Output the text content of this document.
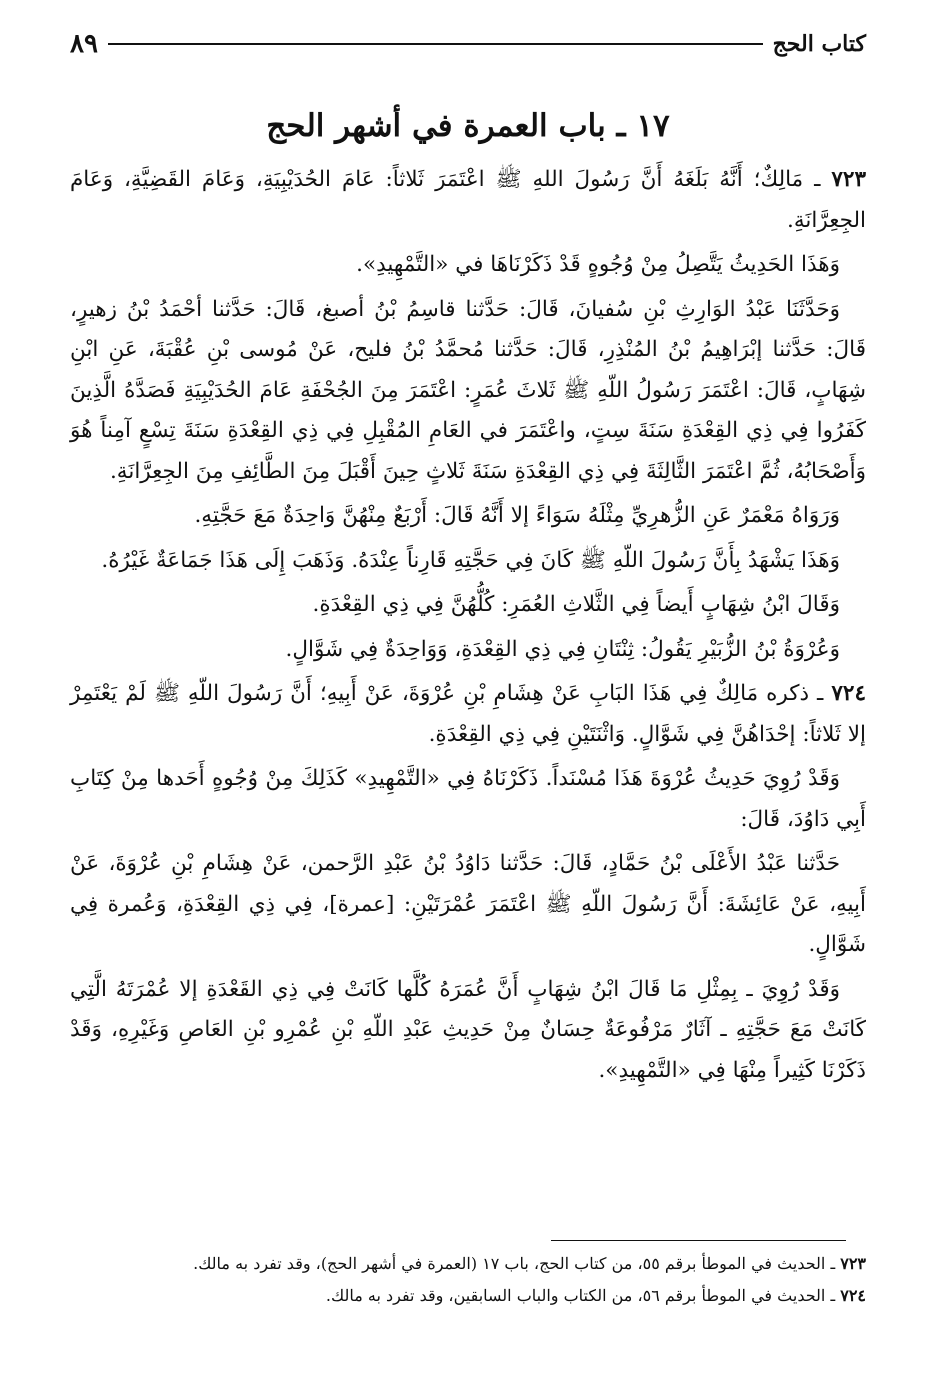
كتاب الحج
٨٩
١٧ ـ باب العمرة في أشهر الحج

٧٢٣ ـ مَالِكٌ؛ أَنَّهُ بَلَغَهُ أَنَّ رَسُولَ اللهِ ﷺ اعْتَمَرَ ثَلاثاً: عَامَ الحُدَيْبِيَةِ، وَعَامَ القَضِيَّةِ، وَعَامَ الجِعِرَّانَةِ.

وَهَذَا الحَدِيثُ يَتَّصِلُ مِنْ وُجُوهٍ قَدْ ذَكَرْنَاهَا في «التَّمْهِيدِ».

وَحَدَّثَنَا عَبْدُ الوَارِثِ بْنِ سُفيانَ، قَالَ: حَدَّثنا قاسِمُ بْنُ أصبغ، قَالَ: حَدَّثنا أحْمَدُ بْنُ زهيرٍ، قَالَ: حَدَّثنا إبْرَاهِيمُ بْنُ المُنْذِرِ، قَالَ: حَدَّثنا مُحمَّدُ بْنُ فليح، عَنْ مُوسى بْنِ عُقْبَةَ، عَنِ ابْنِ شِهَابٍ، قَالَ: اعْتَمَرَ رَسُولُ اللّهِ ﷺ ثَلاثَ عُمَرٍ: اعْتَمَرَ مِنَ الجُحْفَةِ عَامَ الحُدَيْبِيَةِ فَصَدَّهُ الَّذِينَ كَفَرُوا فِي ذِي القِعْدَةِ سَنَةَ سِتٍ، واعْتَمَرَ في العَامِ المُقْبِلِ فِي ذِي القِعْدَةِ سَنَةَ تِسْعٍ آمِناً هُوَ وَأَصْحَابُهُ، ثُمَّ اعْتَمَرَ الثَّالِثَةَ فِي ذِي القِعْدَةِ سَنَةَ ثَلاثٍ حِينَ أَقْبَلَ مِنَ الطَّائِفِ مِنَ الجِعِرَّانَةِ.

وَرَوَاهُ مَعْمَرٌ عَنِ الزُّهرِيِّ مِثْلَهُ سَوَاءً إلا أَنَّهُ قَالَ: أَرْبَعٌ مِنْهُنَّ وَاحِدَةٌ مَعَ حَجَّتِهِ.

وَهَذَا يَشْهَدُ بِأَنَّ رَسُولَ اللّهِ ﷺ كَانَ فِي حَجَّتِهِ قَارِناً عِنْدَهُ. وَذَهَبَ إِلَى هَذَا جَمَاعَةٌ غَيْرُهُ.

وَقَالَ ابْنُ شِهَابٍ أَيضاً فِي الثَّلاثِ العُمَرِ: كُلُّهُنَّ فِي ذِي القِعْدَةِ.

وَعُرْوَةُ بْنُ الزُّبَيْرِ يَقُولُ: ثِنْتَانِ فِي ذِي القِعْدَةِ، وَوَاحِدَةٌ فِي شَوَّالٍ.

٧٢٤ ـ ذكره مَالِكٌ فِي هَذَا البَابِ عَنْ هِشَامِ بْنِ عُرْوَةَ، عَنْ أَبِيهِ؛ أَنَّ رَسُولَ اللّهِ ﷺ لَمْ يَعْتَمِرْ إلا ثَلاثاً: إحْدَاهُنَّ فِي شَوَّالٍ. وَاثْنَتَيْنِ فِي ذِي القِعْدَةِ.

وَقَدْ رُوِيَ حَدِيثُ عُرْوَةَ هَذَا مُسْنَداً. ذَكَرْنَاهُ فِي «التَّمْهِيدِ» كَذَلِكَ مِنْ وُجُوهٍ أَحَدها مِنْ كِتَابِ أَبِي دَاوُدَ، قَالَ:

حَدَّثنا عَبْدُ الأَعْلَى بْنُ حَمَّادٍ، قَالَ: حَدَّثنا دَاوُدُ بْنُ عَبْدِ الرَّحمن، عَنْ هِشَامِ بْنِ عُرْوَةَ، عَنْ أَبِيهِ، عَنْ عَائِشَةَ: أَنَّ رَسُولَ اللّهِ ﷺ اعْتَمَرَ عُمْرَتَيْنِ: [عمرة]، فِي ذِي القِعْدَةِ، وَعُمرة فِي شَوَّالٍ.

وَقَدْ رُوِيَ ـ بِمِثْلِ مَا قَالَ ابْنُ شِهَابٍ أَنَّ عُمَرَهُ كُلَّها كَانَتْ فِي ذِي القَعْدَةِ إلا عُمْرَتَهُ الَّتِي كَانَتْ مَعَ حَجَّتِهِ ـ آثَارٌ مَرْفُوعَةٌ حِسَانٌ مِنْ حَدِيثِ عَبْدِ اللّهِ بْنِ عُمْرِو بْنِ العَاصِ وَغَيْرِهِ، وَقَدْ ذَكَرْنَا كَثِيراً مِنْهَا فِي «التَّمْهِيدِ».

٧٢٣ ـ الحديث في الموطأ برقم ٥٥، من كتاب الحج، باب ١٧ (العمرة في أشهر الحج)، وقد تفرد به مالك.

٧٢٤ ـ الحديث في الموطأ برقم ٥٦، من الكتاب والباب السابقين، وقد تفرد به مالك.
